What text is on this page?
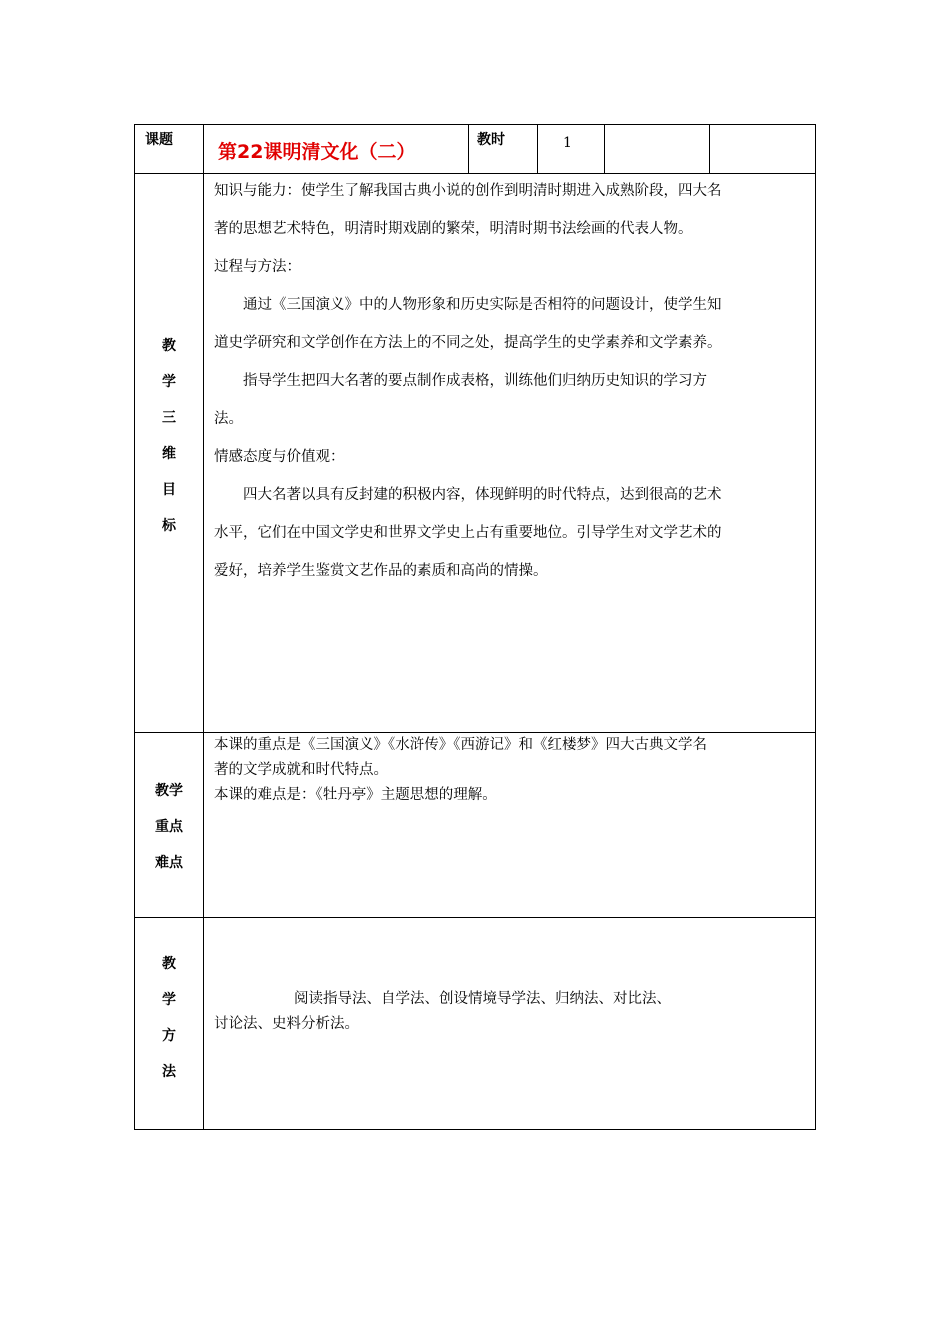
课题
第22课明清文化（二）
教时	1
教
学
三
维
目
标

知识与能力：使学生了解我国古典小说的创作到明清时期进入成熟阶段，四大名

著的思想艺术特色，明清时期戏剧的繁荣，明清时期书法绘画的代表人物。

过程与方法：

通过《三国演义》中的人物形象和历史实际是否相符的问题设计，使学生知

道史学研究和文学创作在方法上的不同之处，提高学生的史学素养和文学素养。

指导学生把四大名著的要点制作成表格，训练他们归纳历史知识的学习方

法。

情感态度与价值观：

四大名著以具有反封建的积极内容，体现鲜明的时代特点，达到很高的艺术

水平，它们在中国文学史和世界文学史上占有重要地位。引导学生对文学艺术的

爱好，培养学生鉴赏文艺作品的素质和高尚的情操。

教学
重点
难点

本课的重点是《三国演义》《水浒传》《西游记》和《红楼梦》四大古典文学名

著的文学成就和时代特点。

本课的难点是：《牡丹亭》主题思想的理解。

教
学
方
法

阅读指导法、自学法、创设情境导学法、归纳法、对比法、

讨论法、史料分析法。
